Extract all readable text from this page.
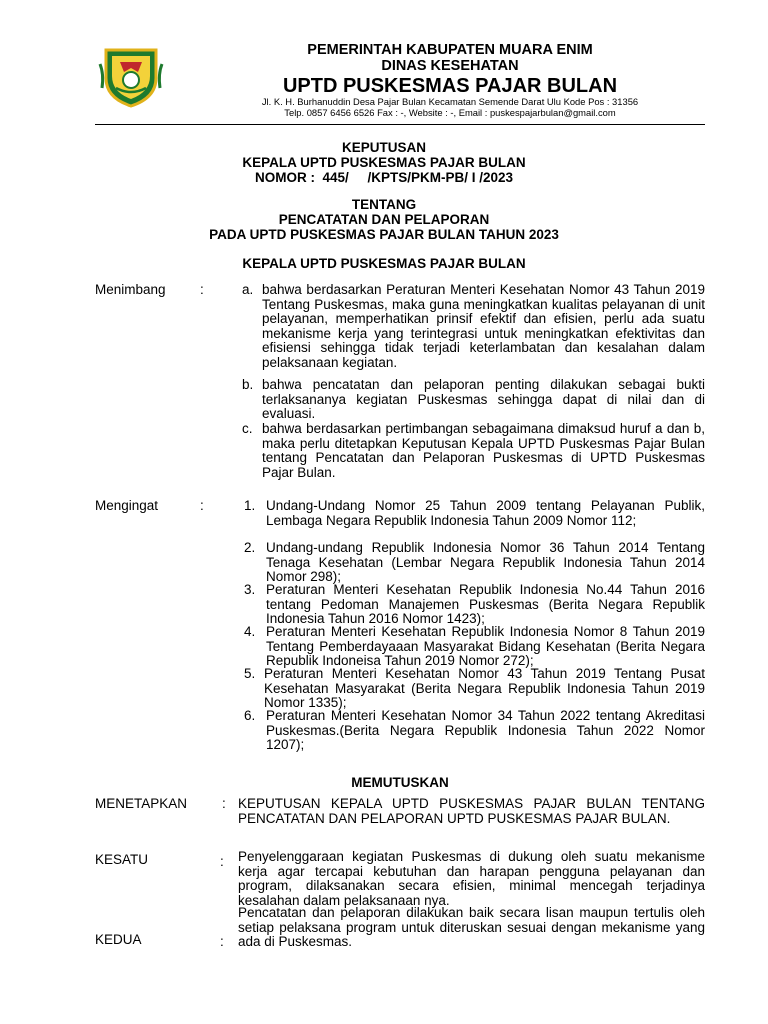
PEMERINTAH KABUPATEN MUARA ENIM
DINAS KESEHATAN
UPTD PUSKESMAS PAJAR BULAN
Jl. K. H. Burhanuddin Desa Pajar Bulan Kecamatan Semende Darat Ulu Kode Pos : 31356
Telp. 0857 6456 6526 Fax : -, Website : -, Email : puskespajarbulan@gmail.com
KEPUTUSAN
KEPALA UPTD PUSKESMAS PAJAR BULAN
NOMOR :  445/     /KPTS/PKM-PB/ I /2023
TENTANG
PENCATATAN DAN PELAPORAN
PADA UPTD PUSKESMAS PAJAR BULAN TAHUN 2023
KEPALA UPTD PUSKESMAS PAJAR BULAN
Menimbang	:	a. bahwa berdasarkan Peraturan Menteri Kesehatan Nomor 43 Tahun 2019 Tentang Puskesmas, maka guna meningkatkan kualitas pelayanan di unit pelayanan, memperhatikan prinsif efektif dan efisien, perlu ada suatu mekanisme kerja yang terintegrasi untuk meningkatkan efektivitas dan efisiensi sehingga tidak terjadi keterlambatan dan kesalahan dalam pelaksanaan kegiatan.
b. bahwa pencatatan dan pelaporan penting dilakukan sebagai bukti terlaksananya kegiatan Puskesmas sehingga dapat di nilai dan di evaluasi.
c. bahwa berdasarkan pertimbangan sebagaimana dimaksud huruf a dan b, maka perlu ditetapkan Keputusan Kepala UPTD Puskesmas Pajar Bulan tentang Pencatatan dan Pelaporan Puskesmas di UPTD Puskesmas Pajar Bulan.
Mengingat	:	1. Undang-Undang Nomor 25 Tahun 2009 tentang Pelayanan Publik, Lembaga Negara Republik Indonesia Tahun 2009 Nomor 112;
2. Undang-undang Republik Indonesia Nomor 36 Tahun 2014 Tentang Tenaga Kesehatan (Lembar Negara Republik Indonesia Tahun 2014 Nomor 298);
3. Peraturan Menteri Kesehatan Republik Indonesia No.44 Tahun 2016 tentang Pedoman Manajemen Puskesmas (Berita Negara Republik Indonesia Tahun 2016 Nomor 1423);
4. Peraturan Menteri Kesehatan Republik Indonesia Nomor 8 Tahun 2019 Tentang Pemberdayaaan Masyarakat Bidang Kesehatan (Berita Negara Republik Indoneisa Tahun 2019 Nomor 272);
5. Peraturan Menteri Kesehatan Nomor 43 Tahun 2019 Tentang Pusat Kesehatan Masyarakat (Berita Negara Republik Indonesia Tahun 2019 Nomor 1335);
6. Peraturan Menteri Kesehatan Nomor 34 Tahun 2022 tentang Akreditasi Puskesmas.(Berita Negara Republik Indonesia Tahun 2022 Nomor 1207);
MEMUTUSKAN
MENETAPKAN	: KEPUTUSAN KEPALA UPTD PUSKESMAS PAJAR BULAN TENTANG PENCATATAN DAN PELAPORAN UPTD PUSKESMAS PAJAR BULAN.
KESATU	: Penyelenggaraan kegiatan Puskesmas di dukung oleh suatu mekanisme kerja agar tercapai kebutuhan dan harapan pengguna pelayanan dan program, dilaksanakan secara efisien, minimal mencegah terjadinya kesalahan dalam pelaksanaan nya.
KEDUA	:
Pencatatan dan pelaporan dilakukan baik secara lisan maupun tertulis oleh setiap pelaksana program untuk diteruskan sesuai dengan mekanisme yang ada di Puskesmas.
